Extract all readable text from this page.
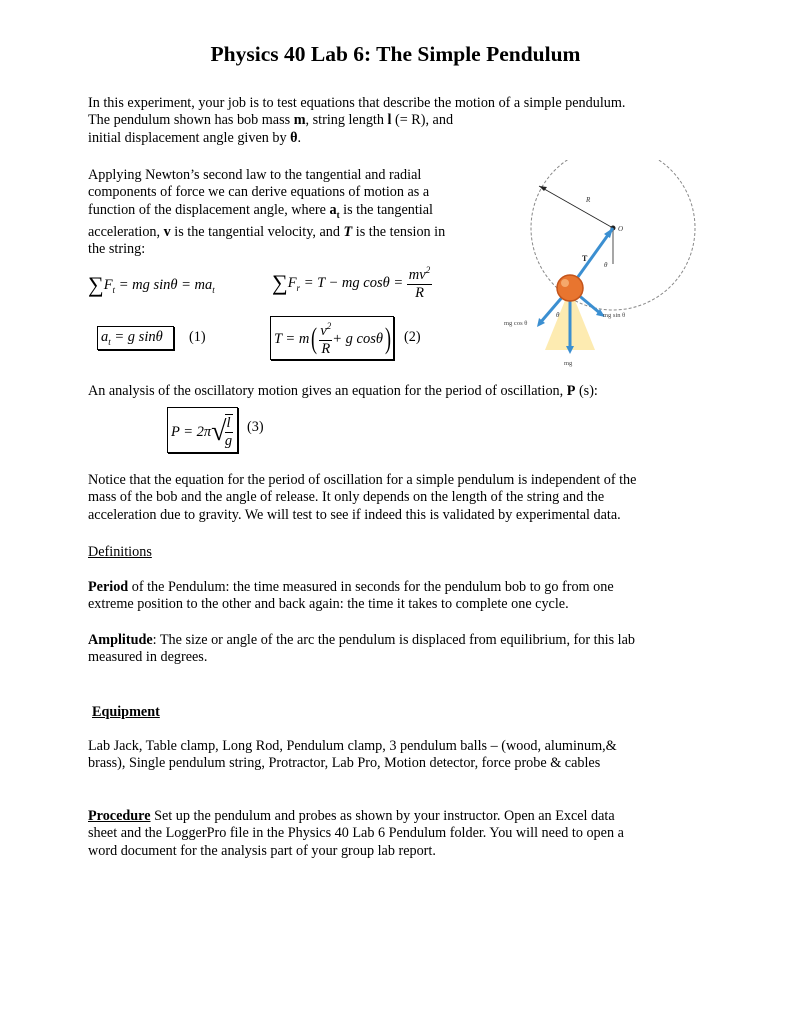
Physics 40 Lab 6: The Simple Pendulum
In this experiment, your job is to test equations that describe the motion of a simple pendulum.
The pendulum shown has bob mass m, string length l (= R), and
initial displacement angle given by θ.
Applying Newton’s second law to the tangential and radial
components of force we can derive equations of motion as a
function of the displacement angle, where $a_t$ is the tangential
acceleration, v is the tangential velocity, and T is the tension in
the string:
$\sum F_t$ = mg $\sin\theta = ma_t$	$\sum F_r = T$ − mg $\cos\theta = \frac{mv^2}{R}$
$a_t = g$ sinθ (1)	$T = m( \frac{v^2}{R} + g$ cosθ) (2)
R
O
T
θ
θ
mg cos θ
mg sin θ
mg
An analysis of the oscillatory motion gives an equation for the period of oscillation, P (s):
P = 2π√
$\frac{l}{g} (3)$
Notice that the equation for the period of oscillation for a simple pendulum is independent of the
mass of the bob and the angle of release. It only depends on the length of the string and the
acceleration due to gravity. We will test to see if indeed this is validated by experimental data.
Definitions
Period of the Pendulum: the time measured in seconds for the pendulum bob to go from one
extreme position to the other and back again: the time it takes to complete one cycle.
Amplitude: The size or angle of the arc the pendulum is displaced from equilibrium, for this lab
measured in degrees.
Equipment
Lab Jack, Table clamp, Long Rod, Pendulum clamp, 3 pendulum balls – (wood, aluminum,&
brass), Single pendulum string, Protractor, Lab Pro, Motion detector, force probe & cables
Procedure Set up the pendulum and probes as shown by your instructor. Open an Excel data
sheet and the LoggerPro file in the Physics 40 Lab 6 Pendulum folder. You will need to open a
word document for the analysis part of your group lab report.
